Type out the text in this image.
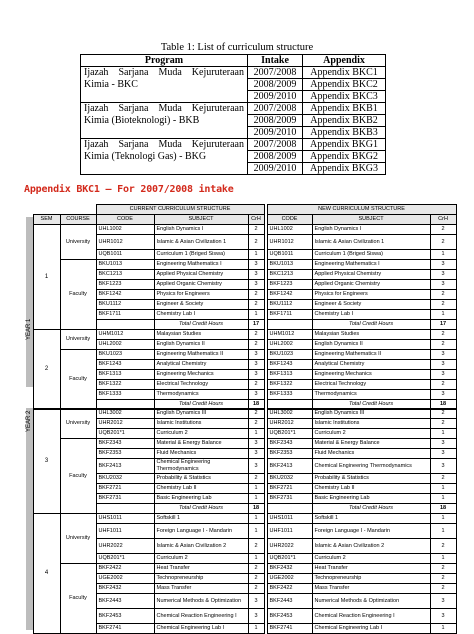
Table 1: List of curriculum structure
Program	Intake	Appendix
Ijazah Sarjana Muda Kejuruteraan Kimia - BKC	2007/2008	Appendix BKC1
	2008/2009	Appendix BKC2
	2009/2010	Appendix BKC3
Ijazah Sarjana Muda Kejuruteraan Kimia (Bioteknologi) - BKB	2007/2008	Appendix BKB1
	2008/2009	Appendix BKB2
	2009/2010	Appendix BKB3
Ijazah Sarjana Muda Kejuruteraan Kimia (Teknologi Gas) - BKG	2007/2008	Appendix BKG1
	2008/2009	Appendix BKG2
	2009/2010	Appendix BKG3
Appendix BKC1 – For 2007/2008 intake
YEAR 1
			CURRENT CURRICULUM STRUCTURE				NEW CURRICULUM STRUCTURE		
	SEM	COURSE	CODE	SUBJECT	CrH		CODE	SUBJECT	CrH
	1	University	UHL1002	English Dynamics I	2		UHL1002	English Dynamics I	2
			UHR1012	Islamic & Asian Civilization 1	2		UHR1012	Islamic & Asian Civilization 1	2
			UQB1011	Curriculum 1 (Briged Siswa)	1		UQB1011	Curriculum 1 (Briged Siswa)	1
		Faculty	BKU1013	Engineering Mathematics I	3		BKU1013	Engineering Mathematics I	3
			BKC1213	Applied Physical Chemistry	3		BKC1213	Applied Physical Chemistry	3
			BKF1223	Applied Organic Chemistry	3		BKF1223	Applied Organic Chemistry	3
			BKF1242	Physics for Engineers	2		BKF1242	Physics for Engineers	2
			BKU1112	Engineer & Society	2		BKU1112	Engineer & Society	2
			BKF1711	Chemistry Lab I	1		BKF1711	Chemistry Lab I	1
				Total Credit Hours	17			Total Credit Hours	17
	2	University	UHM1012	Malaysian Studies	2		UHM1012	Malaysian Studies	2
			UHL2002	English Dynamics II	2		UHL2002	English Dynamics II	2
		Faculty	BKU1023	Engineering Mathematics II	3		BKU1023	Engineering Mathematics II	3
			BKF1243	Analytical Chemistry	3		BKF1243	Analytical Chemistry	3
			BKF1313	Engineering Mechanics	3		BKF1313	Engineering Mechanics	3
			BKF1322	Electrical Technology	2		BKF1322	Electrical Technology	2
			BKF1333	Thermodynamics	3		BKF1333	Thermodynamics	3
				Total Credit Hours	18			Total Credit Hours	18
YEAR 2
	3	University	UHL3002	English Dynamics III	2		UHL3002	English Dynamics III	2
			UHR2012	Islamic Institutions	2		UHR2012	Islamic Institutions	2
			UQB201*1	Curriculum 2	1		UQB201*1	Curriculum 2	1
		Faculty	BKF2343	Material & Energy Balance	3		BKF2343	Material & Energy Balance	3
			BKF2353	Fluid Mechanics	3		BKF2353	Fluid Mechanics	3
			BKF2413	Chemical Engineering Thermodynamics	3		BKF2413	Chemical Engineering Thermodynamics	3
			BKU2032	Probability & Statistics	2		BKU2032	Probability & Statistics	2
			BKF2721	Chemistry Lab II	1		BKF2721	Chemistry Lab II	1
			BKF2731	Basic Engineering Lab	1		BKF2731	Basic Engineering Lab	1
				Total Credit Hours	18			Total Credit Hours	18
	4	University	UHS1011	Softskill 1	1		UHS1011	Softskill 1	1
			UHF1011	Foreign Language I - Mandarin	1		UHF1011	Foreign Language I - Mandarin	1
			UHR2022	Islamic & Asian Civilization 2	2		UHR2022	Islamic & Asian Civilization 2	2
			UQB201*1	Curriculum 2	1		UQB201*1	Curriculum 2	1
		Faculty	BKF2422	Heat Transfer	2		BKF2432	Heat Transfer	2
			UGE2002	Technopreneurship	2		UGE2002	Technopreneurship	2
			BKF2432	Mass Transfer	2		BKF2422	Mass Transfer	2
			BKF2443	Numerical Methods & Optimization	3		BKF2443	Numerical Methods & Optimization	3
			BKF2453	Chemical Reaction Engineering I	3		BKF2453	Chemical Reaction Engineering I	3
			BKF2741	Chemical Engineering Lab I	1		BKF2741	Chemical Engineering Lab I	1
